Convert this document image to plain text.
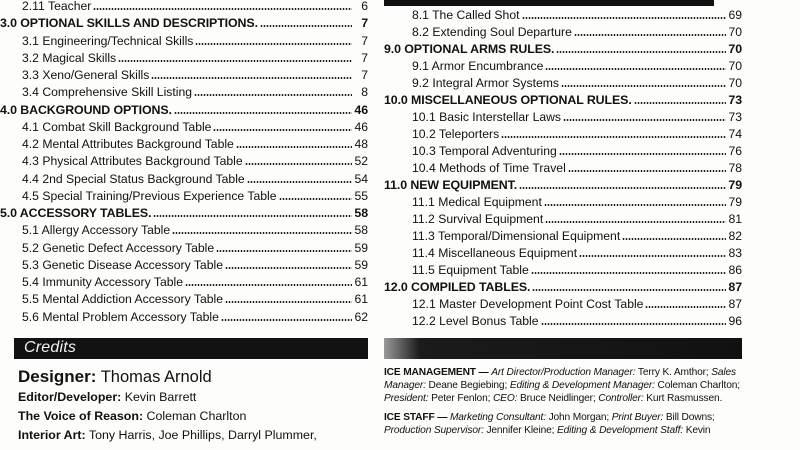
2.11 Teacher	6
3.0 OPTIONAL SKILLS AND DESCRIPTIONS.	7
3.1 Engineering/Technical Skills	7
3.2 Magical Skills	7
3.3 Xeno/General Skills	7
3.4 Comprehensive Skill Listing	8
4.0 BACKGROUND OPTIONS.	46
4.1 Combat Skill Background Table	46
4.2 Mental Attributes Background Table	48
4.3 Physical Attributes Background Table	52
4.4 2nd Special Status Background Table	54
4.5 Special Training/Previous Experience Table	55
5.0 ACCESSORY TABLES.	58
5.1 Allergy Accessory Table	58
5.2 Genetic Defect Accessory Table	59
5.3 Genetic Disease Accessory Table	59
5.4 Immunity Accessory Table	61
5.5 Mental Addiction Accessory Table	61
5.6 Mental Problem Accessory Table	62
8.1 The Called Shot	69
8.2 Extending Soul Departure	70
9.0 OPTIONAL ARMS RULES.	70
9.1 Armor Encumbrance	70
9.2 Integral Armor Systems	70
10.0 MISCELLANEOUS OPTIONAL RULES.	73
10.1 Basic Interstellar Laws	73
10.2 Teleporters	74
10.3 Temporal Adventuring	76
10.4 Methods of Time Travel	78
11.0 NEW EQUIPMENT.	79
11.1 Medical Equipment	79
11.2 Survival Equipment	81
11.3 Temporal/Dimensional Equipment	82
11.4 Miscellaneous Equipment	83
11.5 Equipment Table	86
12.0 COMPILED TABLES.	87
12.1 Master Development Point Cost Table	87
12.2 Level Bonus Table	96
Credits
Designer: Thomas Arnold
Editor/Developer: Kevin Barrett
The Voice of Reason: Coleman Charlton
Interior Art: Tony Harris, Joe Phillips, Darryl Plummer,
ICE MANAGEMENT — Art Director/Production Manager: Terry K. Amthor; Sales Manager: Deane Begiebing; Editing & Development Manager: Coleman Charlton; President: Peter Fenlon; CEO: Bruce Neidlinger; Controller: Kurt Rasmussen.
ICE STAFF — Marketing Consultant: John Morgan; Print Buyer: Bill Downs; Production Supervisor: Jennifer Kleine; Editing & Development Staff: Kevin
